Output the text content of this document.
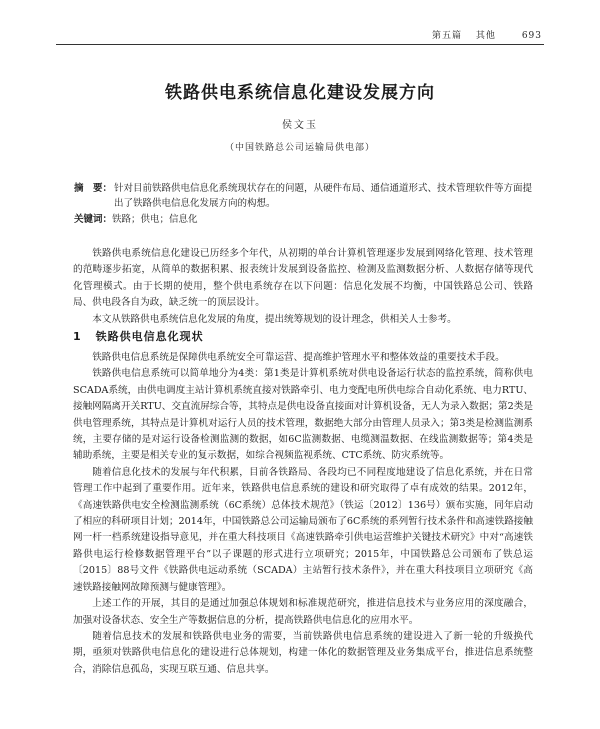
第五篇 其他	693
铁路供电系统信息化建设发展方向
侯文玉
（中国铁路总公司运输局供电部）
摘　要： 针对目前铁路供电信息化系统现状存在的问题，从硬件布局、通信通道形式、技术管理软件等方面提出了铁路供电信息化发展方向的构想。
关键词：铁路；供电；信息化

铁路供电系统信息化建设已历经多个年代，从初期的单台计算机管理逐步发展到网络化管理、技术管理的范畴逐步拓宽，从简单的数据积累、报表统计发展到设备监控、检测及监测数据分析、人数据存储等现代化管理模式。由于长期的使用，整个供电系统存在以下问题：信息化发展不均衡，中国铁路总公司、铁路局、供电段各自为政，缺乏统一的顶层设计。

本文从铁路供电系统信息化发展的角度，提出统筹规划的设计理念，供相关人士参考。

1 铁路供电信息化现状

铁路供电信息系统是保障供电系统安全可靠运营、提高维护管理水平和整体效益的重要技术手段。

铁路供电信息系统可以简单地分为4类：第1类是计算机系统对供电设备运行状态的监控系统，简称供电SCADA系统，由供电调度主站计算机系统直接对铁路牵引、电力变配电所供电综合自动化系统、电力RTU、接触网隔离开关RTU、交直流屏综合等，其特点是供电设备直接面对计算机设备，无人为录入数据；第2类是供电管理系统，其特点是计算机对运行人员的技术管理，数据绝大部分由管理人员录入；第3类是检测监测系统，主要存储的是对运行设备检测监测的数据，如6C监测数据、电缆测温数据、在线监测数据等；第4类是辅助系统，主要是相关专业的复示数据，如综合视频监视系统、CTC系统、防灾系统等。

随着信息化技术的发展与年代积累，目前各铁路局、各段均已不同程度地建设了信息化系统，并在日常管理工作中起到了重要作用。近年来，铁路供电信息系统的建设和研究取得了卓有成效的结果。2012年，《高速铁路供电安全检测监测系统（6C系统）总体技术规范》（铁运〔2012〕136号）颁布实施，同年启动了相应的科研项目计划；2014年，中国铁路总公司运输局颁布了6C系统的系列暂行技术条件和高速铁路接触网一杆一档系统建设指导意见，并在重大科技项目《高速铁路牵引供电运营维护关键技术研究》中对“高速铁路供电运行检修数据管理平台”以子课题的形式进行立项研究；2015年，中国铁路总公司颁布了铁总运〔2015〕88号文件《铁路供电远动系统（SCADA）主站暂行技术条件》，并在重大科技项目立项研究《高速铁路接触网故障预测与健康管理》。

上述工作的开展，其目的是通过加强总体规划和标准规范研究，推进信息技术与业务应用的深度融合，加强对设备状态、安全生产等数据信息的分析，提高铁路供电信息化的应用水平。

随着信息技术的发展和铁路供电业务的需要，当前铁路供电信息系统的建设进入了新一轮的升级换代期，亟须对铁路供电信息化的建设进行总体规划，构建一体化的数据管理及业务集成平台，推进信息系统整合，消除信息孤岛，实现互联互通、信息共享。
